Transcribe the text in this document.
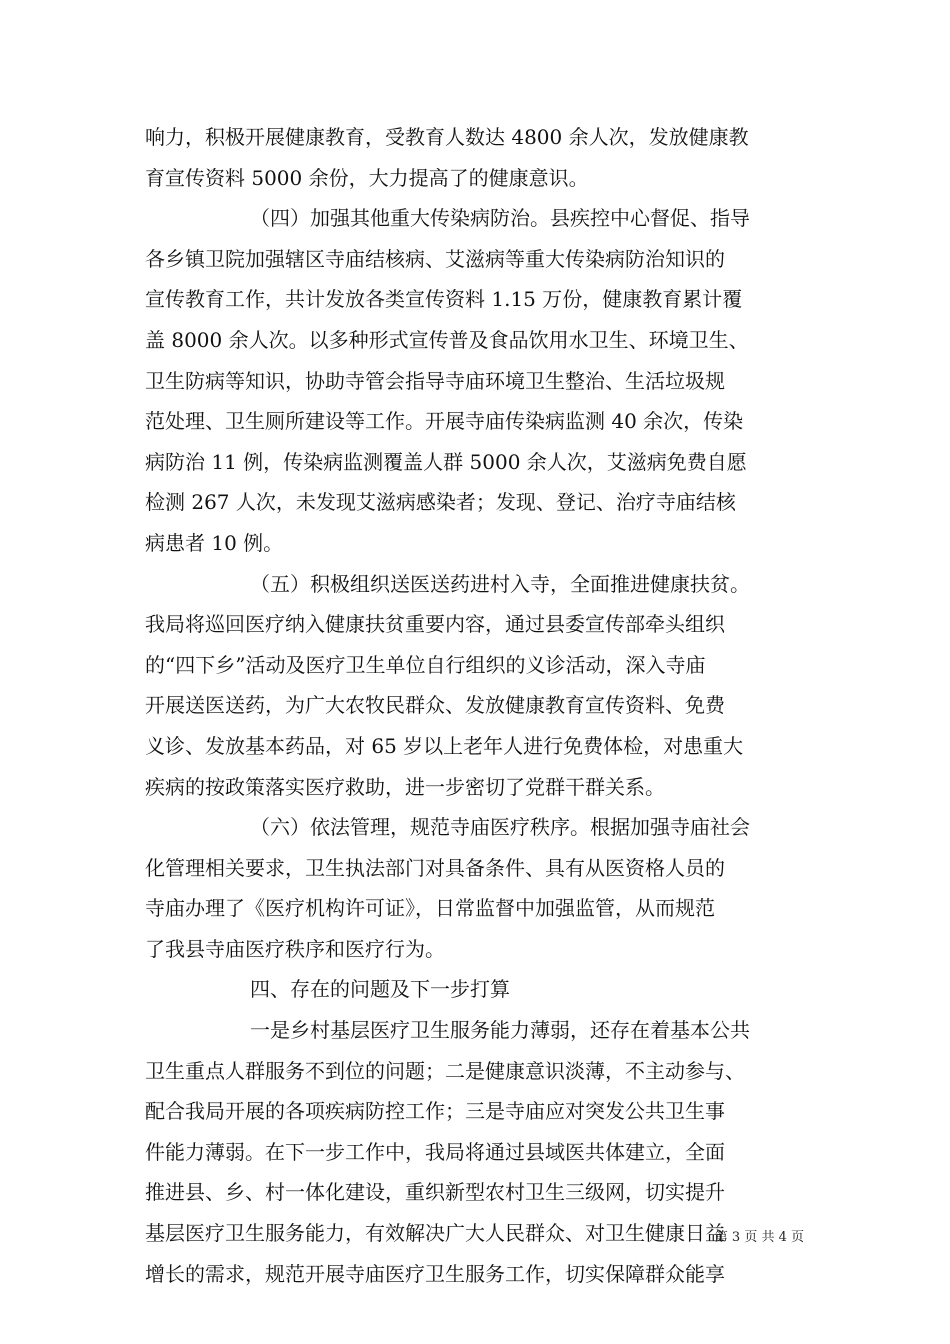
响力，积极开展健康教育，受教育人数达 4800 余人次，发放健康教
育宣传资料 5000 余份，大力提高了的健康意识。
（四）加强其他重大传染病防治。县疾控中心督促、指导
各乡镇卫院加强辖区寺庙结核病、艾滋病等重大传染病防治知识的
宣传教育工作，共计发放各类宣传资料 1.15 万份，健康教育累计覆
盖 8000 余人次。以多种形式宣传普及食品饮用水卫生、环境卫生、
卫生防病等知识，协助寺管会指导寺庙环境卫生整治、生活垃圾规
范处理、卫生厕所建设等工作。开展寺庙传染病监测 40 余次，传染
病防治 11 例，传染病监测覆盖人群 5000 余人次，艾滋病免费自愿
检测 267 人次，未发现艾滋病感染者；发现、登记、治疗寺庙结核
病患者 10 例。
（五）积极组织送医送药进村入寺，全面推进健康扶贫。
我局将巡回医疗纳入健康扶贫重要内容，通过县委宣传部牵头组织
的“四下乡”活动及医疗卫生单位自行组织的义诊活动，深入寺庙
开展送医送药，为广大农牧民群众、发放健康教育宣传资料、免费
义诊、发放基本药品，对 65 岁以上老年人进行免费体检，对患重大
疾病的按政策落实医疗救助，进一步密切了党群干群关系。
（六）依法管理，规范寺庙医疗秩序。根据加强寺庙社会
化管理相关要求，卫生执法部门对具备条件、具有从医资格人员的
寺庙办理了《医疗机构许可证》，日常监督中加强监管，从而规范
了我县寺庙医疗秩序和医疗行为。
四、存在的问题及下一步打算
一是乡村基层医疗卫生服务能力薄弱，还存在着基本公共
卫生重点人群服务不到位的问题；二是健康意识淡薄，不主动参与、
配合我局开展的各项疾病防控工作；三是寺庙应对突发公共卫生事
件能力薄弱。在下一步工作中，我局将通过县域医共体建立，全面
推进县、乡、村一体化建设，重织新型农村卫生三级网，切实提升
基层医疗卫生服务能力，有效解决广大人民群众、对卫生健康日益
增长的需求，规范开展寺庙医疗卫生服务工作，切实保障群众能享
第 3 页 共 4 页
